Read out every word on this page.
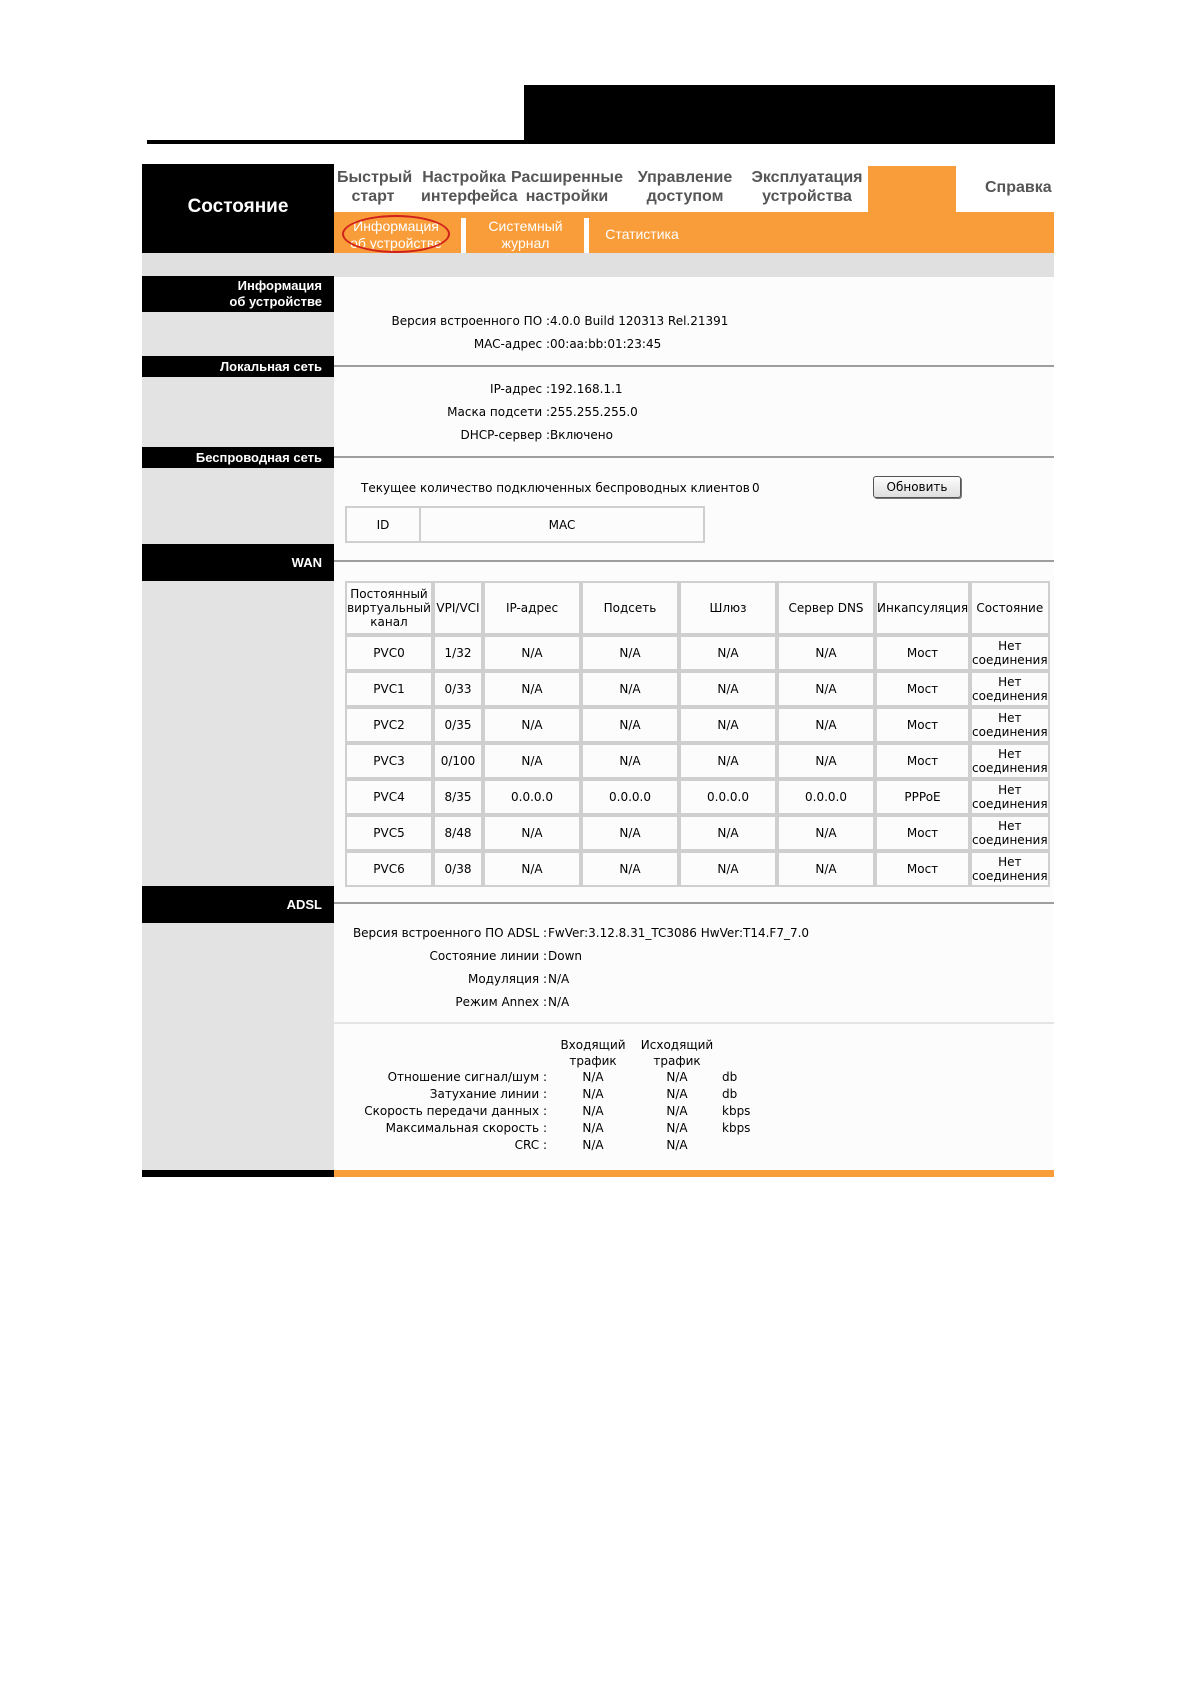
Состояние
Быстрый
старт
Настройка
интерфейса
Расширенные
настройки
Управление
доступом
Эксплуатация
устройства
Справка
Информация
об устройстве
Системный
журнал
Статистика
Информация
об устройстве
Версия встроенного ПО : 4.0.0 Build 120313 Rel.21391
MAC-адрес : 00:aa:bb:01:23:45
Локальная сеть
IP-адрес : 192.168.1.1
Маска подсети : 255.255.255.0
DHCP-сервер : Включено
Беспроводная сеть
Текущее количество подключенных беспроводных клиентов 0	Обновить
ID	MAC
WAN
Постоянный виртуальный канал	VPI/VCI	IP-адрес	Подсеть	Шлюз	Сервер DNS	Инкапсуляция	Состояние
PVC0	1/32	N/A	N/A	N/A	N/A	Мост	Нет соединения
PVC1	0/33	N/A	N/A	N/A	N/A	Мост	Нет соединения
PVC2	0/35	N/A	N/A	N/A	N/A	Мост	Нет соединения
PVC3	0/100	N/A	N/A	N/A	N/A	Мост	Нет соединения
PVC4	8/35	0.0.0.0	0.0.0.0	0.0.0.0	0.0.0.0	PPPoE	Нет соединения
PVC5	8/48	N/A	N/A	N/A	N/A	Мост	Нет соединения
PVC6	0/38	N/A	N/A	N/A	N/A	Мост	Нет соединения
ADSL
Версия встроенного ПО ADSL : FwVer:3.12.8.31_TC3086 HwVer:T14.F7_7.0
Состояние линии : Down
Модуляция : N/A
Режим Annex : N/A
Входящий трафик
Исходящий трафик
Отношение сигнал/шум :	N/A	N/A	db
Затухание линии :	N/A	N/A	db
Скорость передачи данных :	N/A	N/A	kbps
Максимальная скорость :	N/A	N/A	kbps
CRC :	N/A	N/A
